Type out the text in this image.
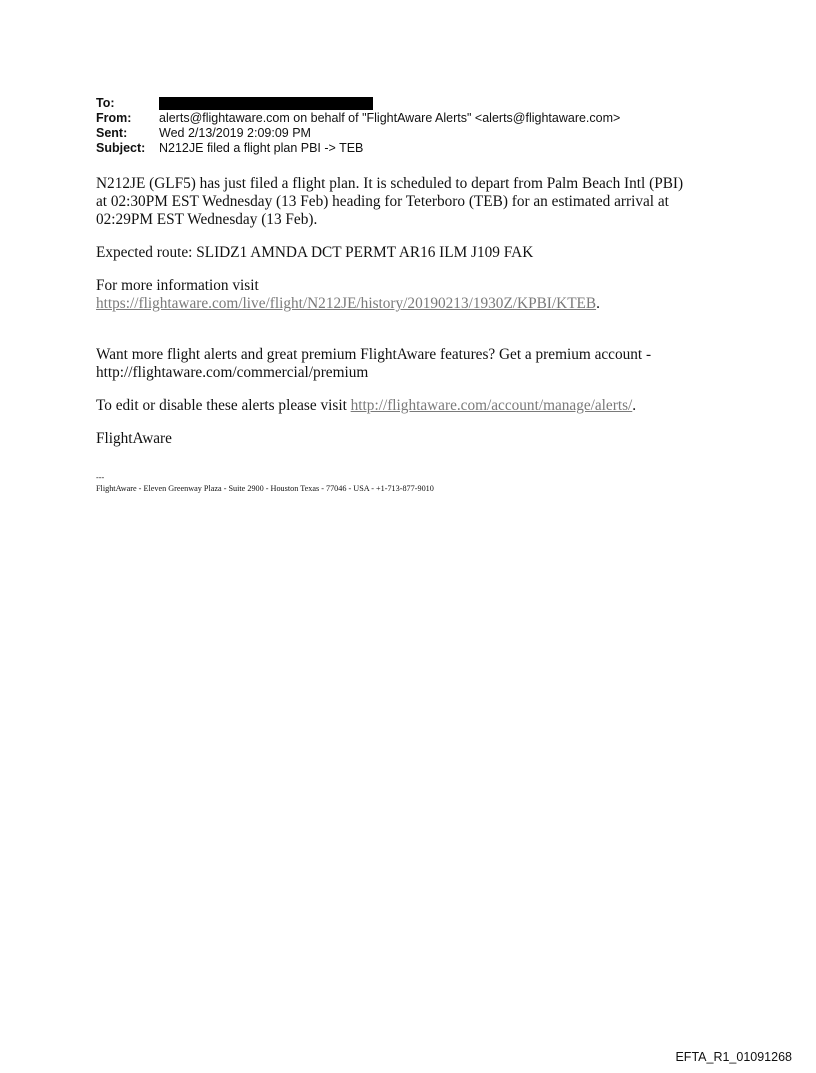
To:
From:	alerts@flightaware.com on behalf of "FlightAware Alerts" <alerts@flightaware.com>
Sent:	Wed 2/13/2019 2:09:09 PM
Subject:	N212JE filed a flight plan PBI -> TEB

N212JE (GLF5) has just filed a flight plan. It is scheduled to depart from Palm Beach Intl (PBI)
at 02:30PM EST Wednesday (13 Feb) heading for Teterboro (TEB) for an estimated arrival at
02:29PM EST Wednesday (13 Feb).

Expected route: SLIDZ1 AMNDA DCT PERMT AR16 ILM J109 FAK

For more information visit
https://flightaware.com/live/flight/N212JE/history/20190213/1930Z/KPBI/KTEB.

Want more flight alerts and great premium FlightAware features? Get a premium account -
http://flightaware.com/commercial/premium

To edit or disable these alerts please visit http://flightaware.com/account/manage/alerts/.

FlightAware

---
FlightAware - Eleven Greenway Plaza - Suite 2900 - Houston Texas - 77046 - USA - +1-713-877-9010
EFTA_R1_01091268
